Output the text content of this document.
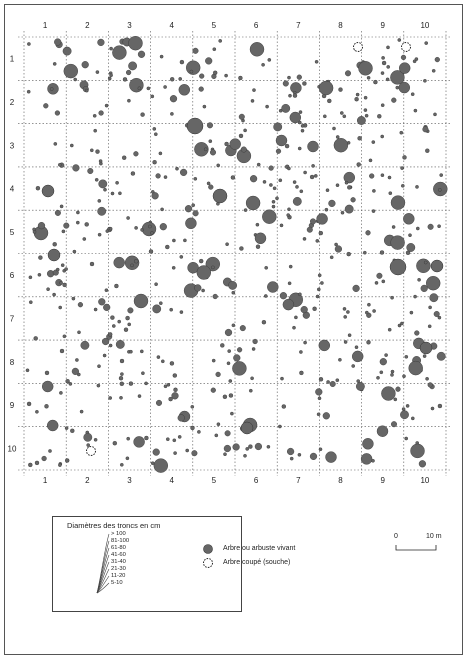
1
1
2
2
3
3
4
4
5
5
6
6
7
7
8
8
9
9
10
10
1
2
3
4
5
6
7
8
9
10
Diamètres des troncs en cm
> 100
81-100
61-80
41-60
31-40
21-30
11-20
5-10
Arbre ou arbuste vivant
Arbre coupé (souche)
0	10 m
